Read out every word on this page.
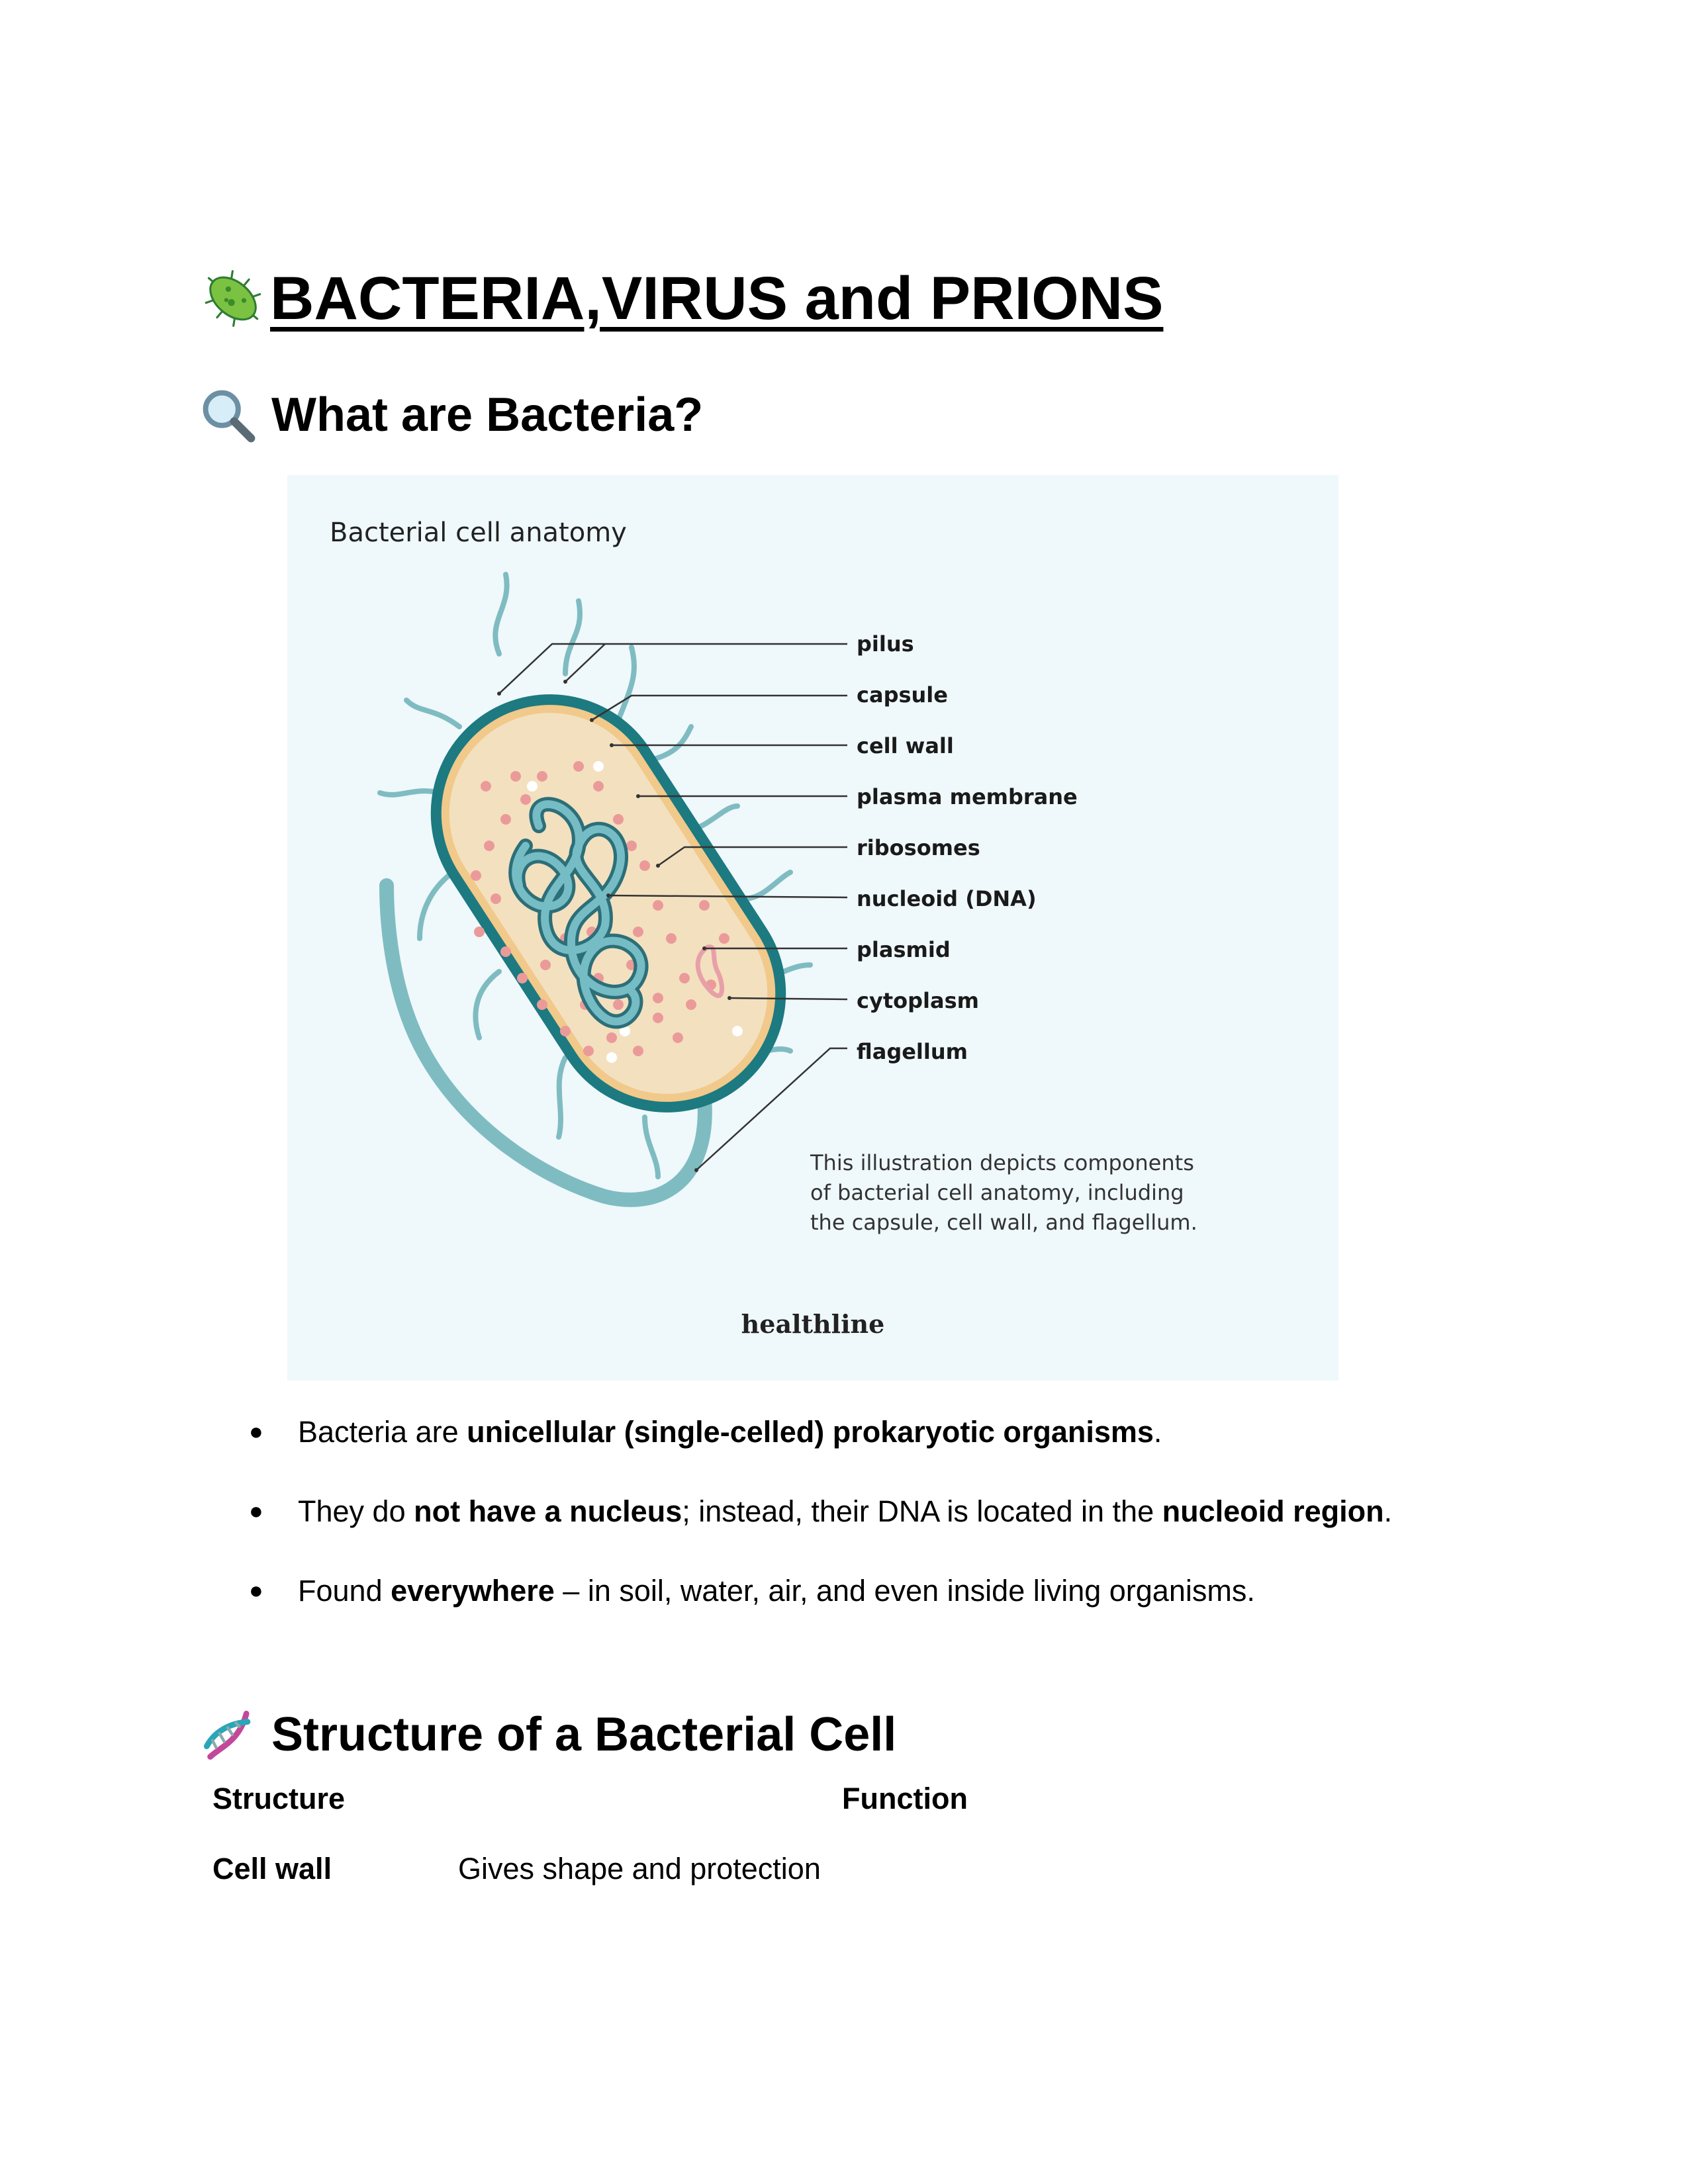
BACTERIA,VIRUS and PRIONS
What are Bacteria?
Bacterial cell anatomy
pilus
capsule
cell wall
plasma membrane
ribosomes
nucleoid (DNA)
plasmid
cytoplasm
flagellum
This illustration depicts components
of bacterial cell anatomy, including
the capsule, cell wall, and flagellum.
healthline
● Bacteria are unicellular (single-celled) prokaryotic organisms.
● They do not have a nucleus; instead, their DNA is located in the nucleoid region.
● Found everywhere – in soil, water, air, and even inside living organisms.
Structure of a Bacterial Cell
Structure	Function
Cell wall	Gives shape and protection
